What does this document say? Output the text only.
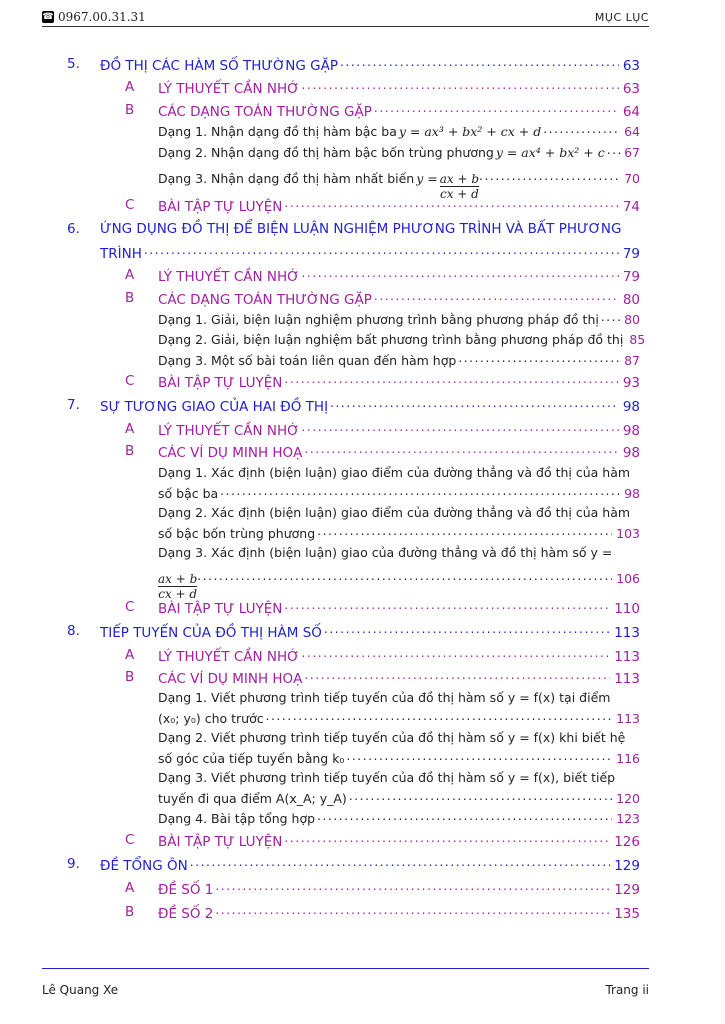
☎ 0967.00.31.31	MỤC LỤC
5. ĐỒ THỊ CÁC HÀM SỐ THƯỜNG GẶP . . .	63
A LÝ THUYẾT CẦN NHỚ . . .	63
B CÁC DẠNG TOÁN THƯỜNG GẶP . . .	64
Dạng 1. Nhận dạng đồ thị hàm bậc ba y = ax³ + bx² + cx + d . . .	64
Dạng 2. Nhận dạng đồ thị hàm bậc bốn trùng phương y = ax⁴ + bx² + c . . .	67
Dạng 3. Nhận dạng đồ thị hàm nhất biến $y = \frac{ax + b}{cx + d}$ . . .	70
C BÀI TẬP TỰ LUYỆN . . .	74
6. ỨNG DỤNG ĐỒ THỊ ĐỂ BIỆN LUẬN NGHIỆM PHƯƠNG TRÌNH VÀ BẤT PHƯƠNG
TRÌNH . . .	79
A LÝ THUYẾT CẦN NHỚ . . .	79
B CÁC DẠNG TOÁN THƯỜNG GẶP . . .	80
Dạng 1. Giải, biện luận nghiệm phương trình bằng phương pháp đồ thị . . .	80
Dạng 2. Giải, biện luận nghiệm bất phương trình bằng phương pháp đồ thị 85
Dạng 3. Một số bài toán liên quan đến hàm hợp . . .	87
C BÀI TẬP TỰ LUYỆN . . .	93
7. SỰ TƯƠNG GIAO CỦA HAI ĐỒ THỊ . . .	98
A LÝ THUYẾT CẦN NHỚ . . .	98
B CÁC VÍ DỤ MINH HOẠ . . .	98
Dạng 1. Xác định (biện luận) giao điểm của đường thẳng và đồ thị của hàm
số bậc ba . . .	98
Dạng 2. Xác định (biện luận) giao điểm của đường thẳng và đồ thị của hàm
số bậc bốn trùng phương . . .	103
Dạng 3. Xác định (biện luận) giao của đường thẳng và đồ thị hàm số y =
$\frac{ax + b}{cx + d}$ . . .	106
C BÀI TẬP TỰ LUYỆN . . .	110
8. TIẾP TUYẾN CỦA ĐỒ THỊ HÀM SỐ . . .	113
A LÝ THUYẾT CẦN NHỚ . . .	113
B CÁC VÍ DỤ MINH HOẠ . . .	113
Dạng 1. Viết phương trình tiếp tuyến của đồ thị hàm số y = f(x) tại điểm
(x₀; y₀) cho trước . . .	113
Dạng 2. Viết phương trình tiếp tuyến của đồ thị hàm số y = f(x) khi biết hệ
số góc của tiếp tuyến bằng k₀ . . .	116
Dạng 3. Viết phương trình tiếp tuyến của đồ thị hàm số y = f(x), biết tiếp
tuyến đi qua điểm A(x_A; y_A) . . .	120
Dạng 4. Bài tập tổng hợp . . .	123
C BÀI TẬP TỰ LUYỆN . . .	126
9. ĐỀ TỔNG ÔN . . .	129
A ĐỀ SỐ 1 . . .	129
B ĐỀ SỐ 2 . . .	135
Lê Quang Xe	Trang ii
